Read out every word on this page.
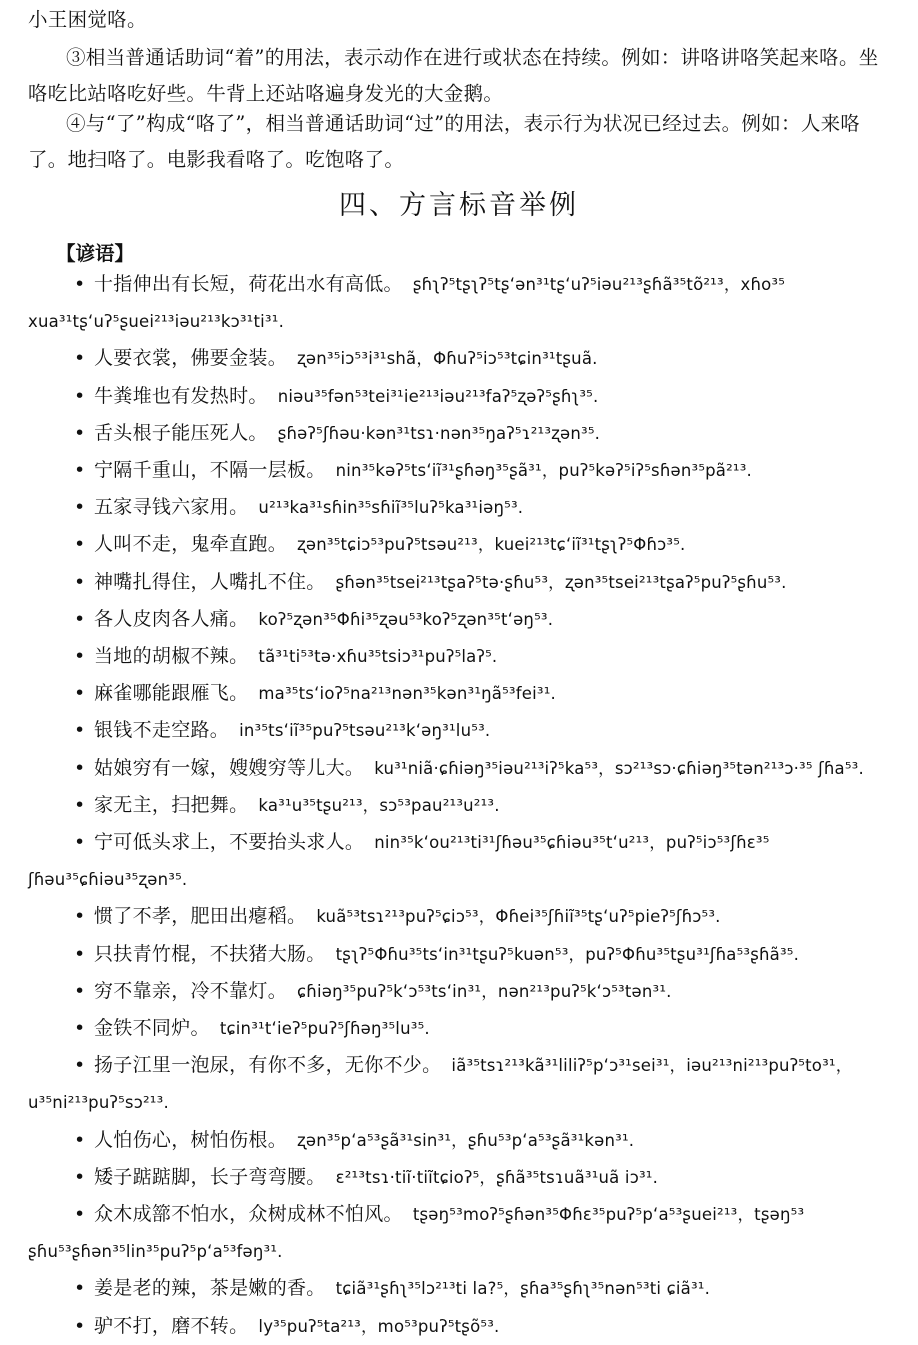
小王困觉咯。
③相当普通话助词“着”的用法，表示动作在进行或状态在持续。例如：讲咯讲咯笑起来咯。坐咯吃比站咯吃好些。牛背上还站咯遍身发光的大金鹅。
④与“了”构成“咯了”，相当普通话助词“过”的用法，表示行为状况已经过去。例如：人来咯了。地扫咯了。电影我看咯了。吃饱咯了。
四、方言标音举例
【谚语】
• 十指伸出有长短，荷花出水有高低。 ʂɦʅʔ⁵tʂʅʔ⁵tʂʻən³¹tʂʻuʔ⁵iəu²¹³ʂɦã³⁵tõ²¹³，xɦo³⁵ xua³¹tʂʻuʔ⁵ʂuei²¹³iəu²¹³kɔ³¹ti³¹.
• 人要衣裳，佛要金装。 ʐən³⁵iɔ⁵³i³¹shã，Φɦuʔ⁵iɔ⁵³tɕin³¹tʂuã.
• 牛粪堆也有发热时。 niəu³⁵fən⁵³tei³¹ie²¹³iəu²¹³faʔ⁵ʐəʔ⁵ʂɦʅ³⁵.
• 舌头根子能压死人。 ʂɦəʔ⁵ʃɦəu·kən³¹tsɿ·nən³⁵ŋaʔ⁵ɿ²¹³ʐən³⁵.
• 宁隔千重山，不隔一层板。 nin³⁵kəʔ⁵tsʻiĩ³¹ʂɦəŋ³⁵ʂã³¹，puʔ⁵kəʔ⁵iʔ⁵sɦən³⁵pã²¹³.
• 五家寻钱六家用。 u²¹³ka³¹sɦin³⁵sɦiĩ³⁵luʔ⁵ka³¹iəŋ⁵³.
• 人叫不走，鬼牵直跑。 ʐən³⁵tɕiɔ⁵³puʔ⁵tsəu²¹³，kuei²¹³tɕʻiĩ³¹tʂʅʔ⁵Φɦɔ³⁵.
• 神嘴扎得住，人嘴扎不住。 ʂɦən³⁵tsei²¹³tʂaʔ⁵tə·ʂɦu⁵³，ʐən³⁵tsei²¹³tʂaʔ⁵puʔ⁵ʂɦu⁵³.
• 各人皮肉各人痛。 koʔ⁵ʐən³⁵Φɦi³⁵ʐəu⁵³koʔ⁵ʐən³⁵tʻəŋ⁵³.
• 当地的胡椒不辣。 tã³¹ti⁵³tə·xɦu³⁵tsiɔ³¹puʔ⁵laʔ⁵.
• 麻雀哪能跟雁飞。 ma³⁵tsʻioʔ⁵na²¹³nən³⁵kən³¹ŋã⁵³fei³¹.
• 银钱不走空路。 in³⁵tsʻiĩ³⁵puʔ⁵tsəu²¹³kʻəŋ³¹lu⁵³.
• 姑娘穷有一嫁，嫂嫂穷等儿大。 ku³¹niã·ɕɦiəŋ³⁵iəu²¹³iʔ⁵ka⁵³，sɔ²¹³sɔ·ɕɦiəŋ³⁵tən²¹³ɔ·³⁵ ʃɦa⁵³.
• 家无主，扫把舞。 ka³¹u³⁵tʂu²¹³，sɔ⁵³pau²¹³u²¹³.
• 宁可低头求上，不要抬头求人。 nin³⁵kʻou²¹³ti³¹ʃɦəu³⁵ɕɦiəu³⁵tʻu²¹³，puʔ⁵iɔ⁵³ʃɦɛ³⁵ ʃɦəu³⁵ɕɦiəu³⁵ʐən³⁵.
• 惯了不孝，肥田出瘪稻。 kuã⁵³tsɿ²¹³puʔ⁵ɕiɔ⁵³，Φɦei³⁵ʃɦiĩ³⁵tʂʻuʔ⁵pieʔ⁵ʃɦɔ⁵³.
• 只扶青竹棍，不扶猪大肠。 tʂʅʔ⁵Φɦu³⁵tsʻin³¹tʂuʔ⁵kuən⁵³，puʔ⁵Φɦu³⁵tʂu³¹ʃɦa⁵³ʂɦã³⁵.
• 穷不靠亲，冷不靠灯。 ɕɦiəŋ³⁵puʔ⁵kʻɔ⁵³tsʻin³¹，nən²¹³puʔ⁵kʻɔ⁵³tən³¹.
• 金铁不同炉。 tɕin³¹tʻieʔ⁵puʔ⁵ʃɦəŋ³⁵lu³⁵.
• 扬子江里一泡尿，有你不多，无你不少。 iã³⁵tsɿ²¹³kã³¹liliʔ⁵pʻɔ³¹sei³¹，iəu²¹³ni²¹³puʔ⁵to³¹， u³⁵ni²¹³puʔ⁵sɔ²¹³.
• 人怕伤心，树怕伤根。 ʐən³⁵pʻa⁵³ʂã³¹sin³¹，ʂɦu⁵³pʻa⁵³ʂã³¹kən³¹.
• 矮子踮踮脚，长子弯弯腰。 ɛ²¹³tsɿ·tiĩ·tiĩtɕioʔ⁵，ʂɦã³⁵tsɿuã³¹uã iɔ³¹.
• 众木成篰不怕水，众树成林不怕风。 tʂəŋ⁵³moʔ⁵ʂɦən³⁵Φɦɛ³⁵puʔ⁵pʻa⁵³ʂuei²¹³，tʂəŋ⁵³ ʂɦu⁵³ʂɦən³⁵lin³⁵puʔ⁵pʻa⁵³fəŋ³¹.
• 姜是老的辣，茶是嫩的香。 tɕiã³¹ʂɦʅ³⁵lɔ²¹³ti la?⁵，ʂɦa³⁵ʂɦʅ³⁵nən⁵³ti ɕiã³¹.
• 驴不打，磨不转。 ly³⁵puʔ⁵ta²¹³，mo⁵³puʔ⁵tʂõ⁵³.
